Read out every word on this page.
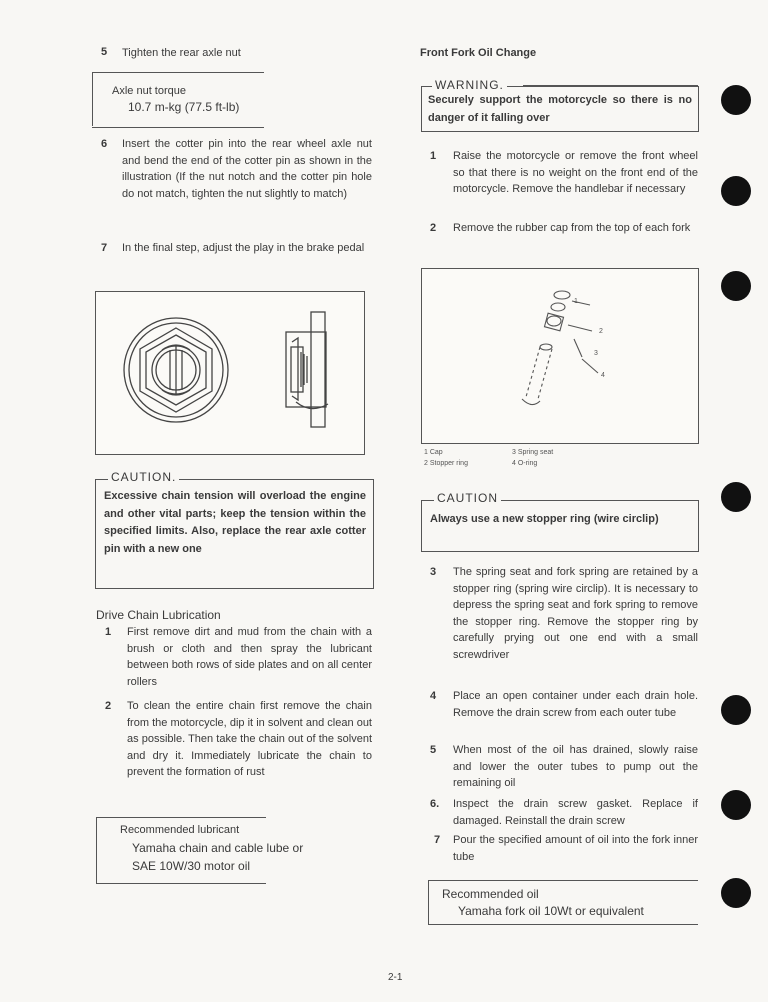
5 Tighten the rear axle nut
Axle nut torque
10.7 m-kg (77.5 ft-lb)
6 Insert the cotter pin into the rear wheel axle nut and bend the end of the cotter pin as shown in the illustration (If the nut notch and the cotter pin hole do not match, tighten the nut slightly to match)
7 In the final step, adjust the play in the brake pedal
Excessive chain tension will overload the engine and other vital parts; keep the tension within the specified limits. Also, replace the rear axle cotter pin with a new one
CAUTION.
Drive Chain Lubrication
1 First remove dirt and mud from the chain with a brush or cloth and then spray the lubricant between both rows of side plates and on all center rollers
2 To clean the entire chain first remove the chain from the motorcycle, dip it in solvent and clean out as possible. Then take the chain out of the solvent and dry it. Immediately lubricate the chain to prevent the formation of rust
Recommended lubricant
Yamaha chain and cable lube or
SAE 10W/30 motor oil
Front Fork Oil Change
Securely support the motorcycle so there is no danger of it falling over
WARNING.
1 Raise the motorcycle or remove the front wheel so that there is no weight on the front end of the motorcycle. Remove the handlebar if necessary
2 Remove the rubber cap from the top of each fork
1
2
3
4
1 Cap
2 Stopper ring
3 Spring seat
4 O-ring
Always use a new stopper ring (wire circlip)
CAUTION
3 The spring seat and fork spring are retained by a stopper ring (spring wire circlip). It is necessary to depress the spring seat and fork spring to remove the stopper ring. Remove the stopper ring by carefully prying out one end with a small screwdriver
4 Place an open container under each drain hole. Remove the drain screw from each outer tube
5 When most of the oil has drained, slowly raise and lower the outer tubes to pump out the remaining oil
6. Inspect the drain screw gasket. Replace if damaged. Reinstall the drain screw
7 Pour the specified amount of oil into the fork inner tube
Recommended oil
Yamaha fork oil 10Wt or equivalent
2-1
